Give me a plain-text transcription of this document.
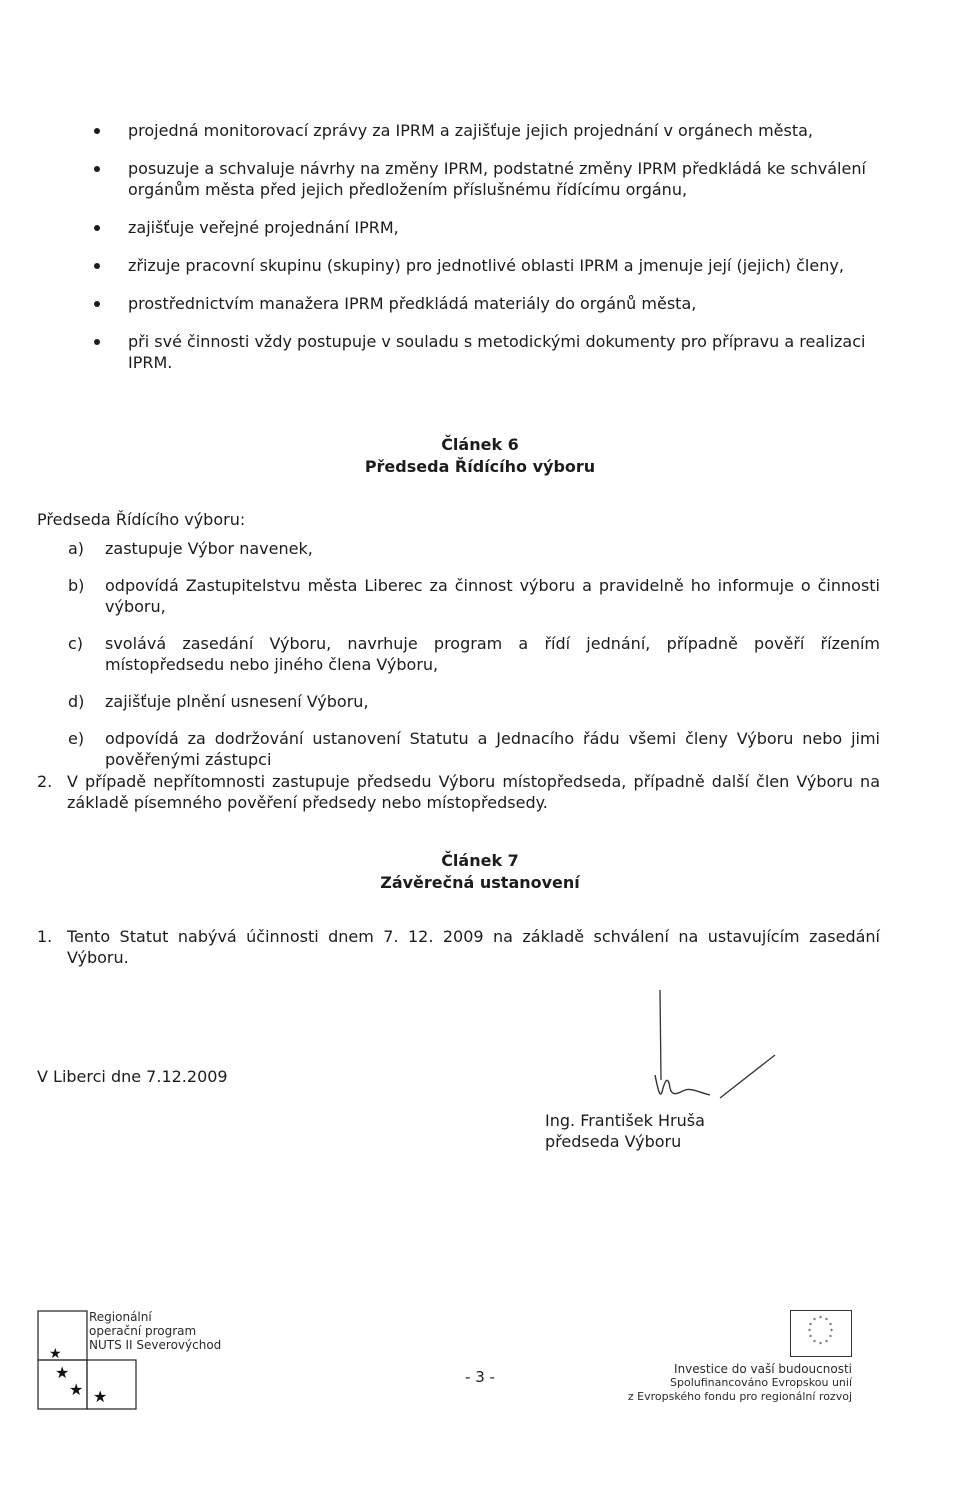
projedná monitorovací zprávy za IPRM a zajišťuje jejich projednání v orgánech města,
posuzuje a schvaluje návrhy na změny IPRM, podstatné změny IPRM předkládá ke schválení orgánům města před jejich předložením příslušnému řídícímu orgánu,
zajišťuje veřejné projednání IPRM,
zřizuje pracovní skupinu (skupiny) pro jednotlivé oblasti IPRM a jmenuje její (jejich) členy,
prostřednictvím manažera IPRM předkládá materiály do orgánů města,
při své činnosti vždy postupuje v souladu s metodickými dokumenty pro přípravu a realizaci IPRM.
Článek 6
Předseda Řídícího výboru
Předseda Řídícího výboru:
a) zastupuje Výbor navenek,
b) odpovídá Zastupitelstvu města Liberec za činnost výboru a pravidelně ho informuje o činnosti výboru,
c) svolává zasedání Výboru, navrhuje program a řídí jednání, případně pověří řízením místopředsedu nebo jiného člena Výboru,
d) zajišťuje plnění usnesení Výboru,
e) odpovídá za dodržování ustanovení Statutu a Jednacího řádu všemi členy Výboru nebo jimi pověřenými zástupci
2. V případě nepřítomnosti zastupuje předsedu Výboru místopředseda, případně další člen Výboru na základě písemného pověření předsedy nebo místopředsedy.
Článek 7
Závěrečná ustanovení
1. Tento Statut nabývá účinnosti dnem 7. 12. 2009 na základě schválení na ustavujícím zasedání Výboru.
V Liberci dne 7.12.2009
Ing. František Hruša
předseda Výboru
★
★
★ ★
Regionální
operační program
NUTS II Severovýchod
- 3 -
* *
*
*
*
*
*
*
*
*
*
*
Investice do vaší budoucnosti
Spolufinancováno Evropskou unií
z Evropského fondu pro regionální rozvoj
